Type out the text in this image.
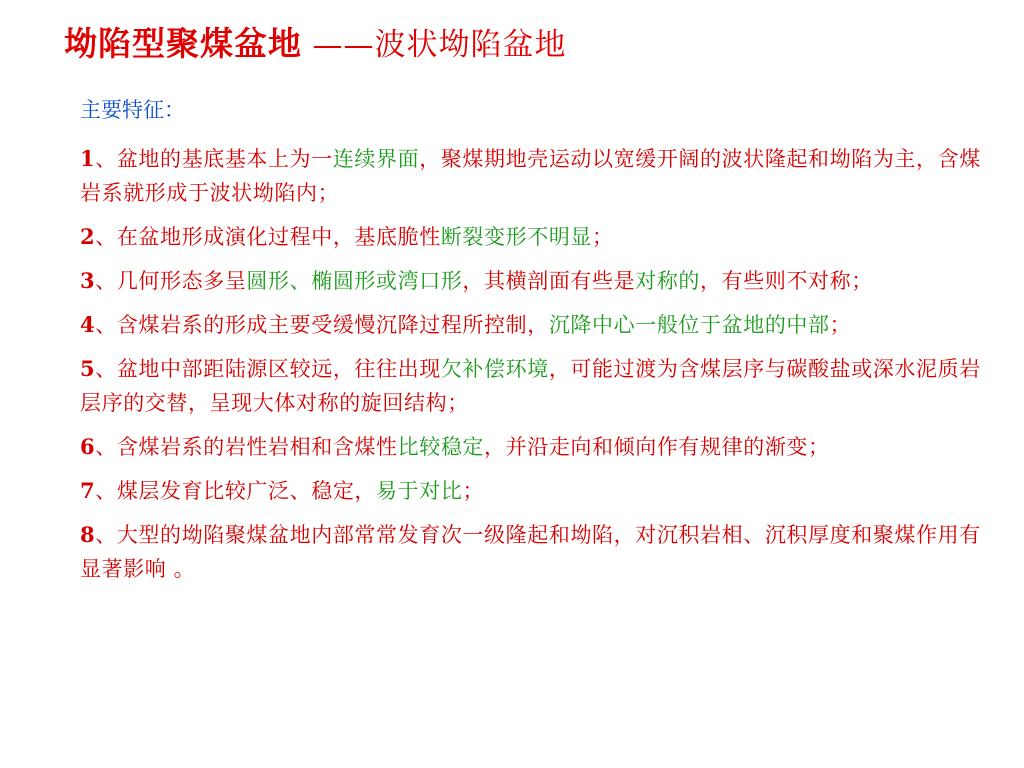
坳陷型聚煤盆地 ——波状坳陷盆地
主要特征：
1、盆地的基底基本上为一连续界面，聚煤期地壳运动以宽缓开阔的波状隆起和坳陷为主，含煤岩系就形成于波状坳陷内；
2、在盆地形成演化过程中，基底脆性断裂变形不明显；
3、几何形态多呈圆形、椭圆形或湾口形，其横剖面有些是对称的，有些则不对称；
4、含煤岩系的形成主要受缓慢沉降过程所控制，沉降中心一般位于盆地的中部；
5、盆地中部距陆源区较远，往往出现欠补偿环境，可能过渡为含煤层序与碳酸盐或深水泥质岩层序的交替，呈现大体对称的旋回结构；
6、含煤岩系的岩性岩相和含煤性比较稳定，并沿走向和倾向作有规律的渐变；
7、煤层发育比较广泛、稳定，易于对比；
8、大型的坳陷聚煤盆地内部常常发育次一级隆起和坳陷，对沉积岩相、沉积厚度和聚煤作用有显著影响 。
